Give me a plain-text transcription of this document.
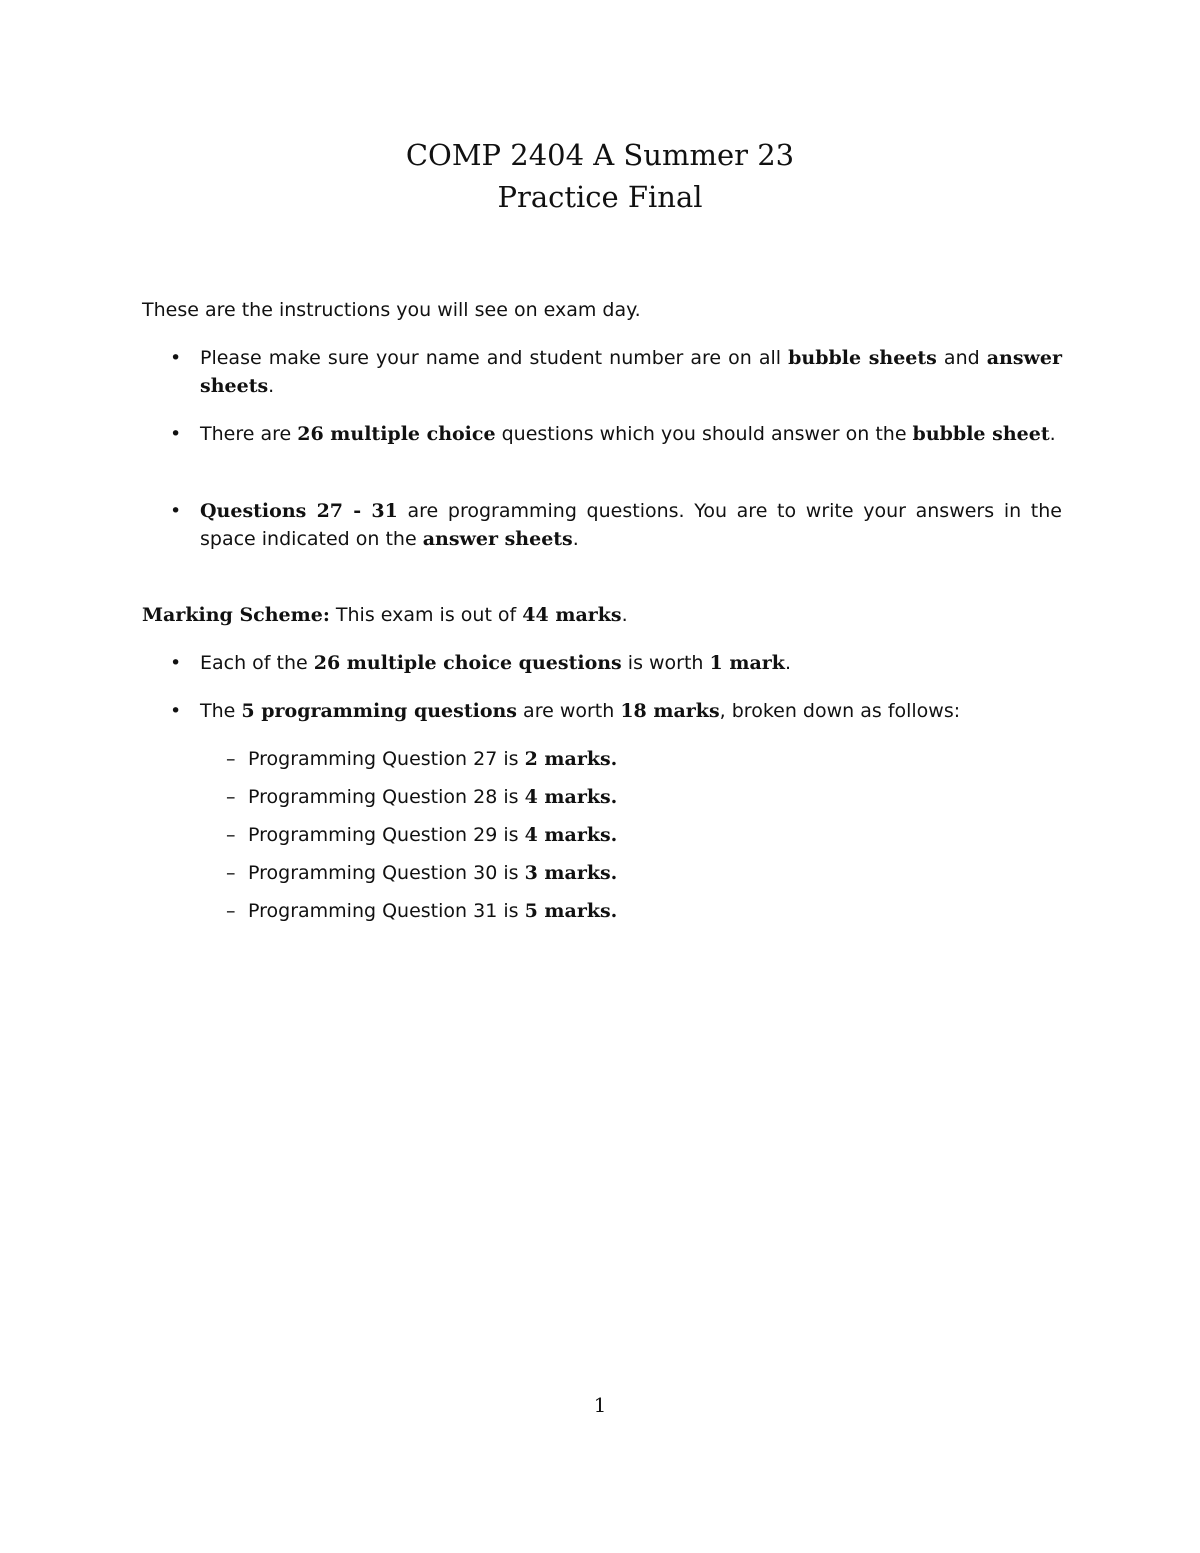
COMP 2404 A Summer 23
Practice Final
These are the instructions you will see on exam day.
• Please make sure your name and student number are on all bubble sheets and answer sheets.
• There are 26 multiple choice questions which you should answer on the bubble sheet.
• Questions 27 - 31 are programming questions. You are to write your answers in the space indicated on the answer sheets.
Marking Scheme: This exam is out of 44 marks.
• Each of the 26 multiple choice questions is worth 1 mark.
• The 5 programming questions are worth 18 marks, broken down as follows:
– Programming Question 27 is 2 marks.
– Programming Question 28 is 4 marks.
– Programming Question 29 is 4 marks.
– Programming Question 30 is 3 marks.
– Programming Question 31 is 5 marks.
1
